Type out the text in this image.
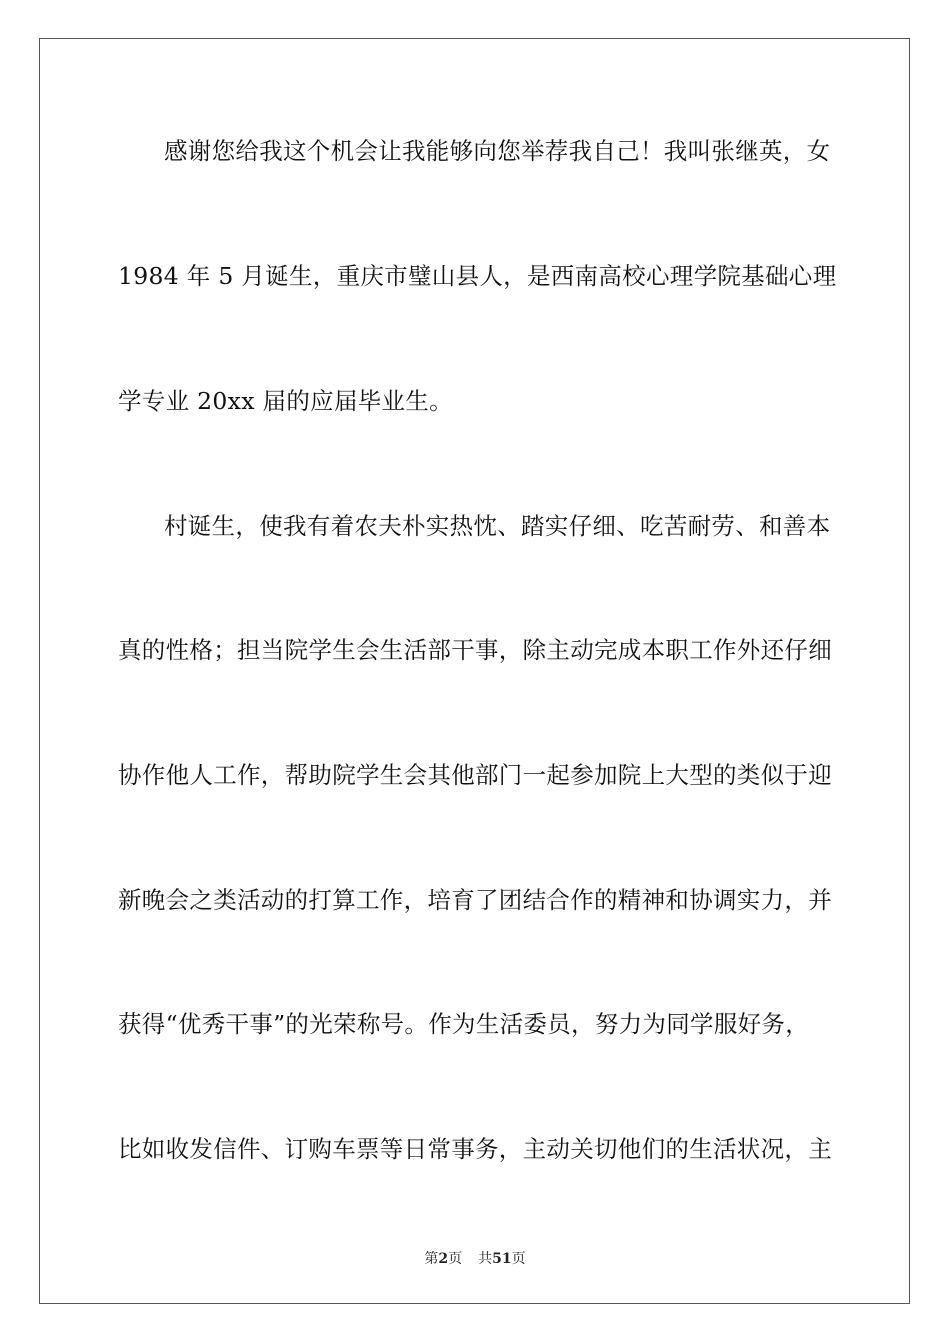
感谢您给我这个机会让我能够向您举荐我自己！我叫张继英，女
1984 年 5 月诞生，重庆市璧山县人，是西南高校心理学院基础心理
学专业 20xx 届的应届毕业生。
村诞生，使我有着农夫朴实热忱、踏实仔细、吃苦耐劳、和善本
真的性格；担当院学生会生活部干事，除主动完成本职工作外还仔细
协作他人工作，帮助院学生会其他部门一起参加院上大型的类似于迎
新晚会之类活动的打算工作，培育了团结合作的精神和协调实力，并
获得“优秀干事”的光荣称号。作为生活委员，努力为同学服好务，
比如收发信件、订购车票等日常事务，主动关切他们的生活状况，主
第2页 共51页
